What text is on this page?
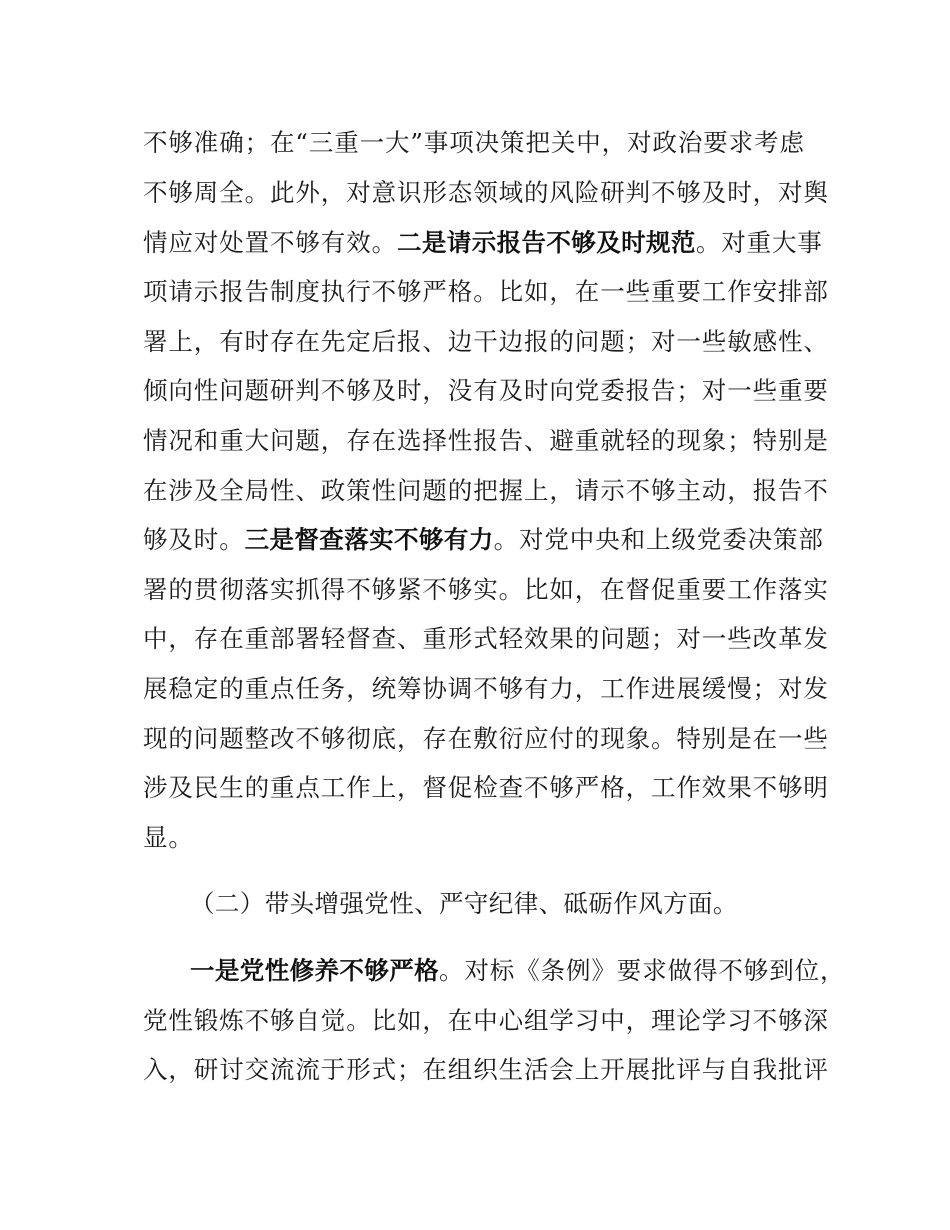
不够准确；在“三重一大”事项决策把关中，对政治要求考虑
不够周全。此外，对意识形态领域的风险研判不够及时，对舆
情应对处置不够有效。二是请示报告不够及时规范。对重大事
项请示报告制度执行不够严格。比如，在一些重要工作安排部
署上，有时存在先定后报、边干边报的问题；对一些敏感性、
倾向性问题研判不够及时，没有及时向党委报告；对一些重要
情况和重大问题，存在选择性报告、避重就轻的现象；特别是
在涉及全局性、政策性问题的把握上，请示不够主动，报告不
够及时。三是督查落实不够有力。对党中央和上级党委决策部
署的贯彻落实抓得不够紧不够实。比如，在督促重要工作落实
中，存在重部署轻督查、重形式轻效果的问题；对一些改革发
展稳定的重点任务，统筹协调不够有力，工作进展缓慢；对发
现的问题整改不够彻底，存在敷衍应付的现象。特别是在一些
涉及民生的重点工作上，督促检查不够严格，工作效果不够明
显。
（二）带头增强党性、严守纪律、砥砺作风方面。
一是党性修养不够严格。对标《条例》要求做得不够到位，
党性锻炼不够自觉。比如，在中心组学习中，理论学习不够深
入，研讨交流流于形式；在组织生活会上开展批评与自我批评
